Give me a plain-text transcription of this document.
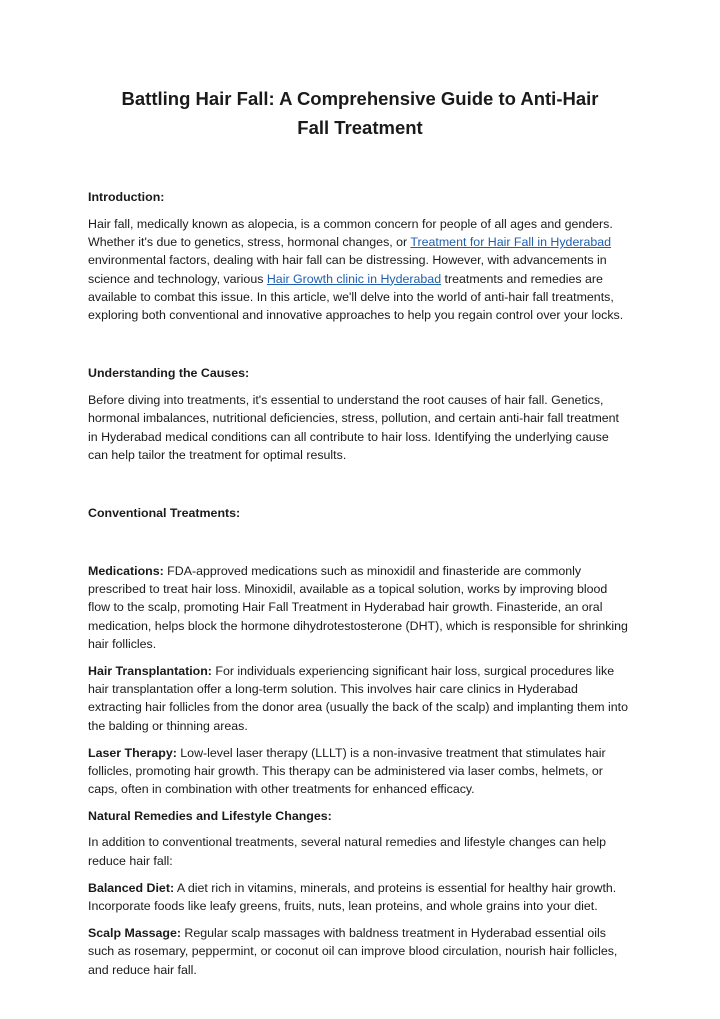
Battling Hair Fall: A Comprehensive Guide to Anti-Hair Fall Treatment
Introduction:

Hair fall, medically known as alopecia, is a common concern for people of all ages and genders. Whether it's due to genetics, stress, hormonal changes, or Treatment for Hair Fall in Hyderabad environmental factors, dealing with hair fall can be distressing. However, with advancements in science and technology, various Hair Growth clinic in Hyderabad treatments and remedies are available to combat this issue. In this article, we'll delve into the world of anti-hair fall treatments, exploring both conventional and innovative approaches to help you regain control over your locks.

Understanding the Causes:

Before diving into treatments, it's essential to understand the root causes of hair fall. Genetics, hormonal imbalances, nutritional deficiencies, stress, pollution, and certain anti-hair fall treatment in Hyderabad medical conditions can all contribute to hair loss. Identifying the underlying cause can help tailor the treatment for optimal results.

Conventional Treatments:

Medications: FDA-approved medications such as minoxidil and finasteride are commonly prescribed to treat hair loss. Minoxidil, available as a topical solution, works by improving blood flow to the scalp, promoting Hair Fall Treatment in Hyderabad hair growth. Finasteride, an oral medication, helps block the hormone dihydrotestosterone (DHT), which is responsible for shrinking hair follicles.

Hair Transplantation: For individuals experiencing significant hair loss, surgical procedures like hair transplantation offer a long-term solution. This involves hair care clinics in Hyderabad extracting hair follicles from the donor area (usually the back of the scalp) and implanting them into the balding or thinning areas.

Laser Therapy: Low-level laser therapy (LLLT) is a non-invasive treatment that stimulates hair follicles, promoting hair growth. This therapy can be administered via laser combs, helmets, or caps, often in combination with other treatments for enhanced efficacy.

Natural Remedies and Lifestyle Changes:

In addition to conventional treatments, several natural remedies and lifestyle changes can help reduce hair fall:

Balanced Diet: A diet rich in vitamins, minerals, and proteins is essential for healthy hair growth. Incorporate foods like leafy greens, fruits, nuts, lean proteins, and whole grains into your diet.

Scalp Massage: Regular scalp massages with baldness treatment in Hyderabad essential oils such as rosemary, peppermint, or coconut oil can improve blood circulation, nourish hair follicles, and reduce hair fall.
